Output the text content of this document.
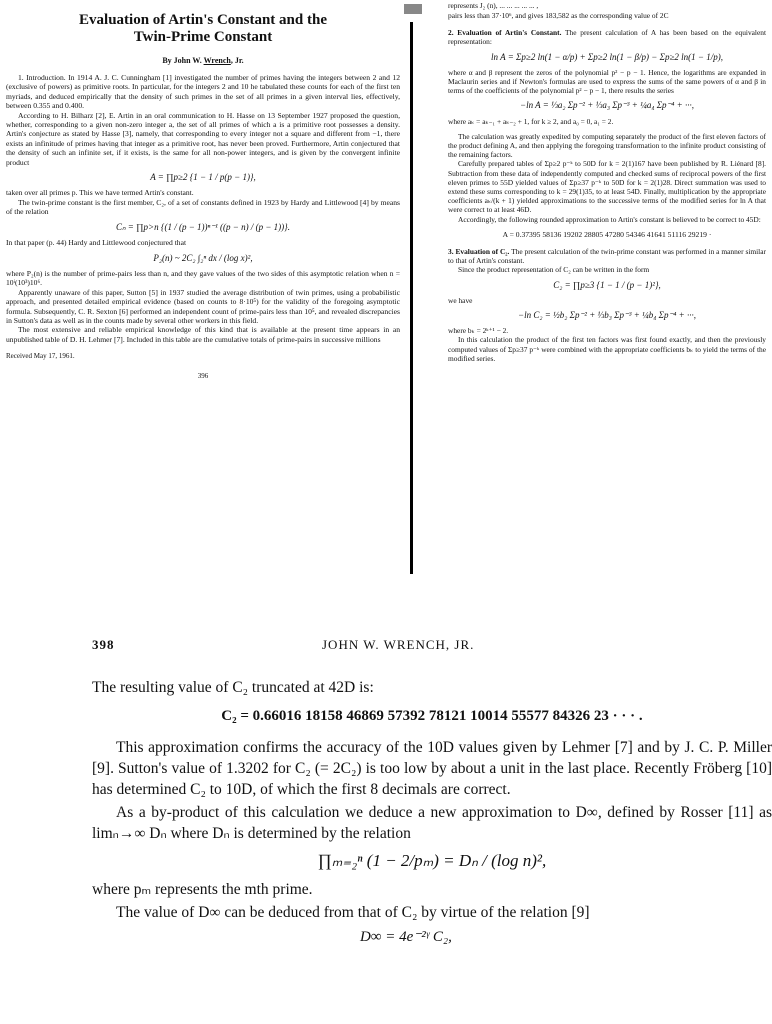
Evaluation of Artin's Constant and the
Twin-Prime Constant
By John W. Wrench, Jr.

1. Introduction. In 1914 A. J. C. Cunningham [1] investigated the number of primes having the integers between 2 and 12 (exclusive of powers) as primitive roots. In particular, for the integers 2 and 10 he tabulated these counts for each of the first ten myriads, and deduced empirically that the density of such primes in the set of all primes in a given interval lies, effectively, between 0.355 and 0.400.

According to H. Bilharz [2], E. Artin in an oral communication to H. Hasse on 13 September 1927 proposed the question, whether, corresponding to a given non-zero integer a, the set of all primes of which a is a primitive root possesses a density. Artin's conjecture as stated by Hasse [3], namely, that corresponding to every integer not a square and different from −1, there exists an infinitude of primes having that integer as a primitive root, has never been proved. Furthermore, Artin conjectured that the density of such an infinite set, if it exists, is the same for all non-power integers, and is given by the convergent infinite product

A = ∏p≥2 {1 − 1 / p(p − 1)},

taken over all primes p. This we have termed Artin's constant.

The twin-prime constant is the first member, C₂, of a set of constants defined in 1923 by Hardy and Littlewood [4] by means of the relation

Cₙ = ∏p>n {(1 / (p − 1))ⁿ⁻¹ ((p − n) / (p − 1))}.

In that paper (p. 44) Hardy and Littlewood conjectured that

P₂(n) ~ 2C₂ ∫₂ⁿ dx / (log x)²,

where P₂(n) is the number of prime-pairs less than n, and they gave values of the two sides of this asymptotic relation when n = 10ⁱ(10³)10⁶.

Apparently unaware of this paper, Sutton [5] in 1937 studied the average distribution of twin primes, using a probabilistic approach, and presented detailed empirical evidence (based on counts to 8·10⁵) for the validity of the foregoing asymptotic formula. Subsequently, C. R. Sexton [6] performed an independent count of prime-pairs less than 10⁵, and revealed discrepancies in Sutton's data as well as in the counts made by several other workers in this field.

The most extensive and reliable empirical knowledge of this kind that is available at the present time appears in an unpublished table of D. H. Lehmer [7]. Included in this table are the cumulative totals of prime-pairs in successive millions

Received May 17, 1961.
396

represents J₂ (n), ... ... ... ... ... ,

pairs less than 37·10⁶, and gives 183,582 as the corresponding value of 2C

2. Evaluation of Artin's Constant. The present calculation of A has been based on the equivalent representation:

ln A = Σp≥2 ln(1 − α/p) + Σp≥2 ln(1 − β/p) − Σp≥2 ln(1 − 1/p),

where α and β represent the zeros of the polynomial p² − p − 1. Hence, the logarithms are expanded in Maclaurin series and if Newton's formulas are used to express the sums of the same powers of α and β in terms of the coefficients of the polynomial p² − p − 1, there results the series

−ln A = ⅓a₂ Σp⁻² + ⅓a₃ Σp⁻³ + ¼a₄ Σp⁻⁴ + ···,

where aₖ = aₖ₋₁ + aₖ₋₂ + 1, for k ≥ 2, and a₀ = 0, a₁ = 2.

The calculation was greatly expedited by computing separately the product of the first eleven factors of the product defining A, and then applying the foregoing transformation to the infinite product consisting of the remaining factors.

Carefully prepared tables of Σp≥2 p⁻ᵏ to 50D for k = 2(1)167 have been published by R. Liénard [8]. Subtraction from these data of independently computed and checked sums of reciprocal powers of the first eleven primes to 55D yielded values of Σp≥37 p⁻ᵏ to 50D for k = 2(1)28. Direct summation was used to extend these sums corresponding to k = 29(1)35, to at least 54D. Finally, multiplication by the appropriate coefficients aₖ/(k + 1) yielded approximations to the successive terms of the modified series for ln A that were correct to at least 46D.

Accordingly, the following rounded approximation to Artin's constant is believed to be correct to 45D:

A = 0.37395 58136 19202 28805 47280 54346 41641 51116 29219 ·

3. Evaluation of C₂. The present calculation of the twin-prime constant was performed in a manner similar to that of Artin's constant.

Since the product representation of C₂ can be written in the form

C₂ = ∏p≥3 {1 − 1 / (p − 1)²},

we have

−ln C₂ = ½b₂ Σp⁻² + ⅓b₃ Σp⁻³ + ¼b₄ Σp⁻⁴ + ···,

where bₖ = 2ᵏ⁺¹ − 2.

In this calculation the product of the first ten factors was first found exactly, and then the previously computed values of Σp≥37 p⁻ᵏ were combined with the appropriate coefficients bₖ to yield the terms of the modified series.

398	JOHN W. WRENCH, JR.

The resulting value of C₂ truncated at 42D is:

C₂ = 0.66016 18158 46869 57392 78121 10014 55577 84326 23 · · · .

This approximation confirms the accuracy of the 10D values given by Lehmer [7] and by J. C. P. Miller [9]. Sutton's value of 1.3202 for C₂ (= 2C₂) is too low by about a unit in the last place. Recently Fröberg [10] has determined C₂ to 10D, of which the first 8 decimals are correct.

As a by-product of this calculation we deduce a new approximation to D∞, defined by Rosser [11] as limₙ→∞ Dₙ where Dₙ is determined by the relation

∏ₘ₌₂ⁿ (1 − 2/pₘ) = Dₙ / (log n)²,

where pₘ represents the mth prime.

The value of D∞ can be deduced from that of C₂ by virtue of the relation [9]

D∞ = 4e⁻²ᵞ C₂,
